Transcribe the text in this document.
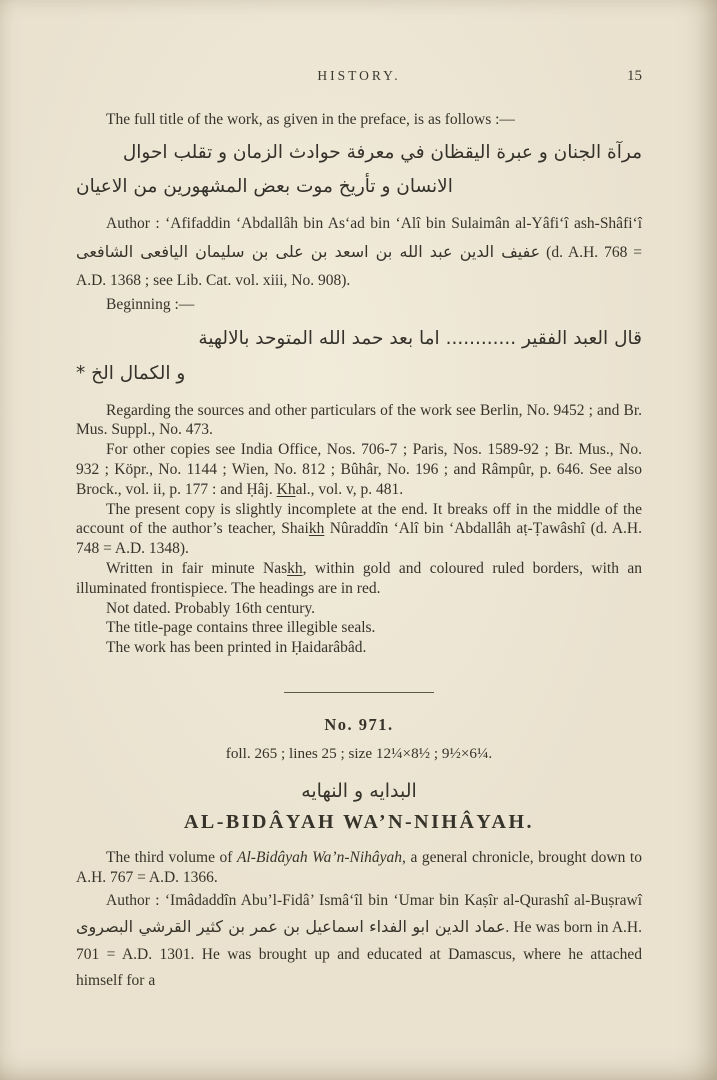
HISTORY.	15

The full title of the work, as given in the preface, is as follows :—

مرآة الجنان و عبرة اليقظان في معرفة حوادث الزمان و تقلب احوال
الانسان و تأريخ موت بعض المشهورين من الاعيان

Author : ‘Afifaddin ‘Abdallâh bin As‘ad bin ‘Alî bin Sulaimân al-Yâfi‘î ash-Shâfi‘î عفيف الدين عبد الله بن اسعد بن على بن سليمان اليافعى الشافعى (d. A.H. 768 = A.D. 1368 ; see Lib. Cat. vol. xiii, No. 908).

Beginning :—

قال العبد الفقير ............ اما بعد حمد الله المتوحد بالالهية
و الكمال الخ *

Regarding the sources and other particulars of the work see Berlin, No. 9452 ; and Br. Mus. Suppl., No. 473.

For other copies see India Office, Nos. 706-7 ; Paris, Nos. 1589-92 ; Br. Mus., No. 932 ; Köpr., No. 1144 ; Wien, No. 812 ; Bûhâr, No. 196 ; and Râmpûr, p. 646. See also Brock., vol. ii, p. 177 : and Ḥâj. Khal., vol. v, p. 481.

The present copy is slightly incomplete at the end. It breaks off in the middle of the account of the author’s teacher, Shaikh Nûraddîn ‘Alî bin ‘Abdallâh aṭ-Ṭawâshî (d. A.H. 748 = A.D. 1348).

Written in fair minute Naskh, within gold and coloured ruled borders, with an illuminated frontispiece. The headings are in red.

Not dated. Probably 16th century.

The title-page contains three illegible seals.

The work has been printed in Ḥaidarâbâd.

No. 971.

foll. 265 ; lines 25 ; size 12¼×8½ ; 9½×6¼.

البدايه و النهايه

AL-BIDÂYAH WA’N-NIHÂYAH.

The third volume of Al-Bidâyah Wa’n-Nihâyah, a general chronicle, brought down to A.H. 767 = A.D. 1366.

Author : ‘Imâdaddîn Abu’l-Fidâ’ Ismâ‘îl bin ‘Umar bin Kaṣîr al-Qurashî al-Buṣrawî عماد الدين ابو الفداء اسماعيل بن عمر بن كثير القرشي البصروى. He was born in A.H. 701 = A.D. 1301. He was brought up and educated at Damascus, where he attached himself for a
